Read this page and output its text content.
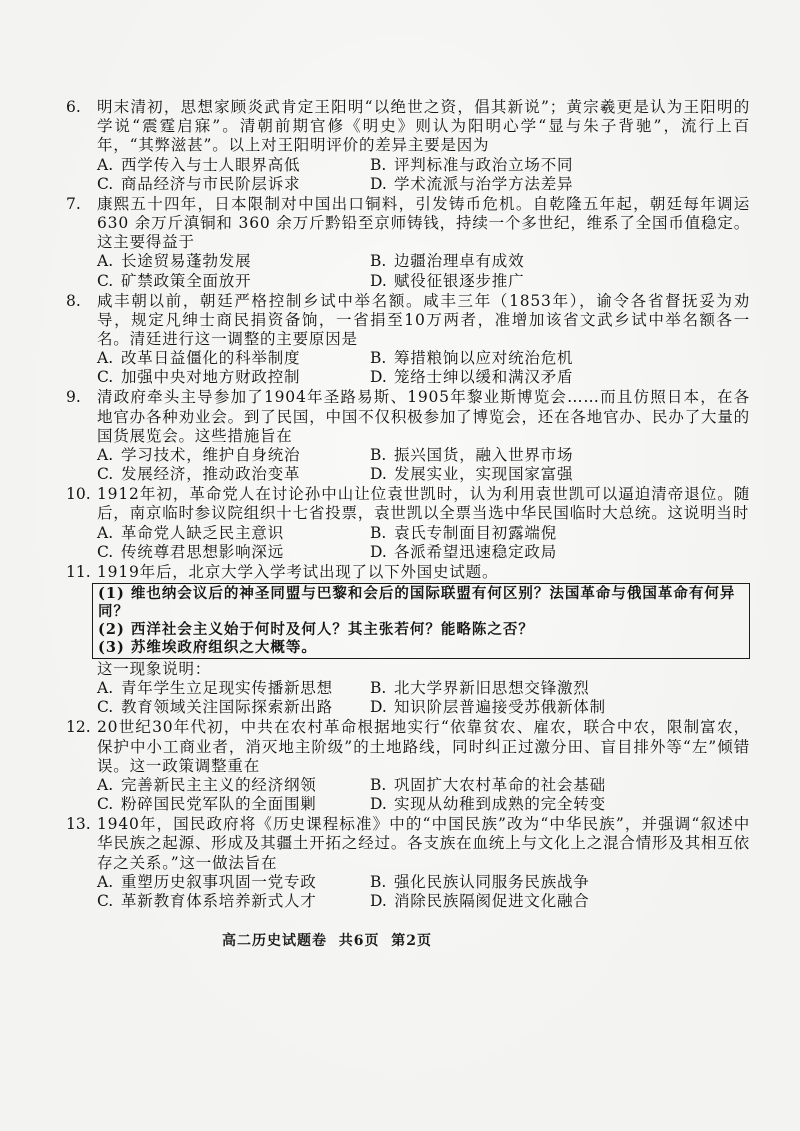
6.	明末清初，思想家顾炎武肯定王阳明“以绝世之资，倡其新说”；黄宗羲更是认为王阳明的学说“震霆启寐”。清朝前期官修《明史》则认为阳明心学“显与朱子背驰”，流行上百年，“其弊滋甚”。以上对王阳明评价的差异主要是因为
A. 西学传入与士人眼界高低	B. 评判标准与政治立场不同
C. 商品经济与市民阶层诉求	D. 学术流派与治学方法差异
7.	康熙五十四年，日本限制对中国出口铜料，引发铸币危机。自乾隆五年起，朝廷每年调运 630 余万斤滇铜和 360 余万斤黔铅至京师铸钱，持续一个多世纪，维系了全国币值稳定。这主要得益于
A. 长途贸易蓬勃发展	B. 边疆治理卓有成效
C. 矿禁政策全面放开	D. 赋役征银逐步推广
8.	咸丰朝以前，朝廷严格控制乡试中举名额。咸丰三年（1853年），谕令各省督抚妥为劝导，规定凡绅士商民捐资备饷，一省捐至10万两者，准增加该省文武乡试中举名额各一名。清廷进行这一调整的主要原因是
A. 改革日益僵化的科举制度	B. 筹措粮饷以应对统治危机
C. 加强中央对地方财政控制	D. 笼络士绅以缓和满汉矛盾
9.	清政府牵头主导参加了1904年圣路易斯、1905年黎业斯博览会……而且仿照日本，在各地官办各种劝业会。到了民国，中国不仅积极参加了博览会，还在各地官办、民办了大量的国货展览会。这些措施旨在
A. 学习技术，维护自身统治	B. 振兴国货，融入世界市场
C. 发展经济，推动政治变革	D. 发展实业，实现国家富强
10. 1912年初，革命党人在讨论孙中山让位袁世凯时，认为利用袁世凯可以逼迫清帝退位。随后，南京临时参议院组织十七省投票，袁世凯以全票当选中华民国临时大总统。这说明当时
A. 革命党人缺乏民主意识	B. 袁氏专制面目初露端倪
C. 传统尊君思想影响深远	D. 各派希望迅速稳定政局
11. 1919年后，北京大学入学考试出现了以下外国史试题。
(1) 维也纳会议后的神圣同盟与巴黎和会后的国际联盟有何区别？法国革命与俄国革命有何异同？
(2) 西洋社会主义始于何时及何人？其主张若何？能略陈之否？
(3) 苏维埃政府组织之大概等。
这一现象说明：
A. 青年学生立足现实传播新思想	B. 北大学界新旧思想交锋激烈
C. 教育领域关注国际探索新出路	D. 知识阶层普遍接受苏俄新体制
12. 20世纪30年代初，中共在农村革命根据地实行“依靠贫农、雇农，联合中农，限制富农，保护中小工商业者，消灭地主阶级”的土地路线，同时纠正过激分田、盲目排外等“左”倾错误。这一政策调整重在
A. 完善新民主主义的经济纲领	B. 巩固扩大农村革命的社会基础
C. 粉碎国民党军队的全面围剿	D. 实现从幼稚到成熟的完全转变
13. 1940年，国民政府将《历史课程标准》中的“中国民族”改为“中华民族”，并强调“叙述中华民族之起源、形成及其疆土开拓之经过。各支族在血统上与文化上之混合情形及其相互依存之关系。”这一做法旨在
A. 重塑历史叙事巩固一党专政	B. 强化民族认同服务民族战争
C. 革新教育体系培养新式人才	D. 消除民族隔阂促进文化融合
高二历史试题卷  共6页  第2页
